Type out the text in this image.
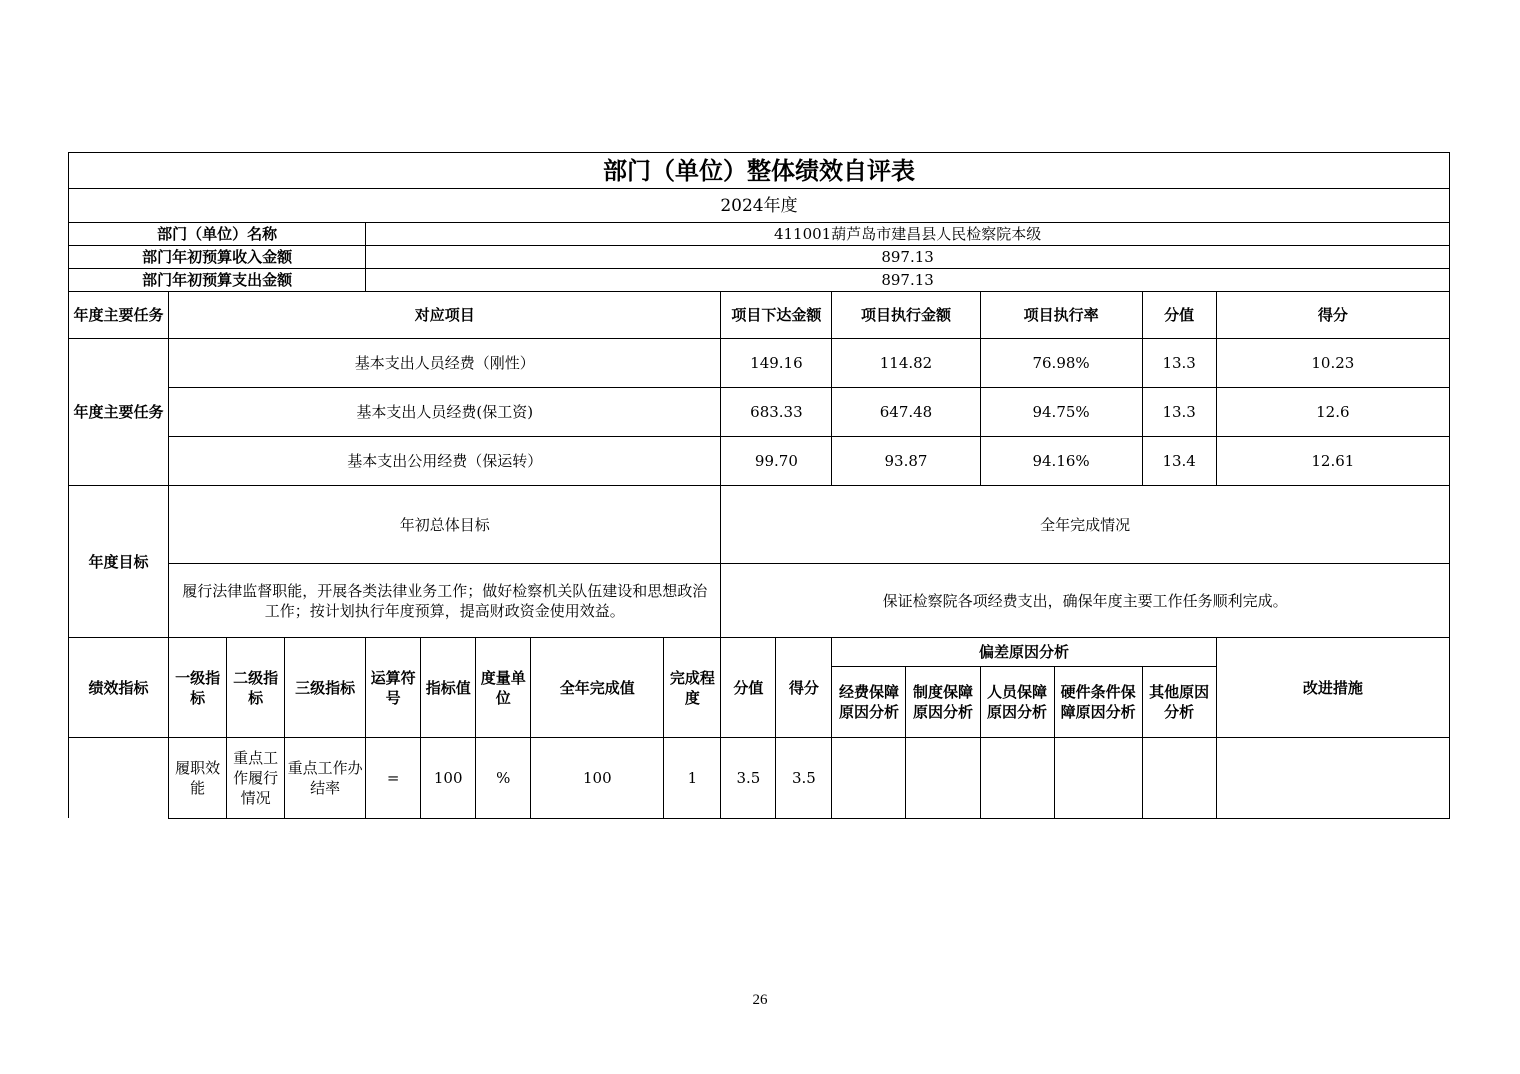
部门（单位）整体绩效自评表																
2024年度																
部门（单位）名称				411001葫芦岛市建昌县人民检察院本级												
部门年初预算收入金额				897.13												
部门年初预算支出金额				897.13												
年度主要任务	对应项目								项目下达金额		项目执行金额		项目执行率		分值	得分
年度主要任务	基本支出人员经费（刚性）								149.16		114.82		76.98%		13.3	10.23
	基本支出人员经费(保工资)								683.33		647.48		94.75%		13.3	12.6
	基本支出公用经费（保运转）								99.70		93.87		94.16%		13.4	12.61
年度目标	年初总体目标								全年完成情况							
	履行法律监督职能，开展各类法律业务工作；做好检察机关队伍建设和思想政治工作；按计划执行年度预算，提高财政资金使用效益。								保证检察院各项经费支出，确保年度主要工作任务顺利完成。							
绩效指标	一级指标	二级指标	三级指标	运算符号	指标值	度量单位	全年完成值	完成程度	分值	得分	偏差原因分析					改进措施
											经费保障原因分析	制度保障原因分析	人员保障原因分析	硬件条件保障原因分析	其他原因分析	
	履职效能	重点工作履行情况	重点工作办结率	=	100	%	100	1	3.5	3.5						
26
